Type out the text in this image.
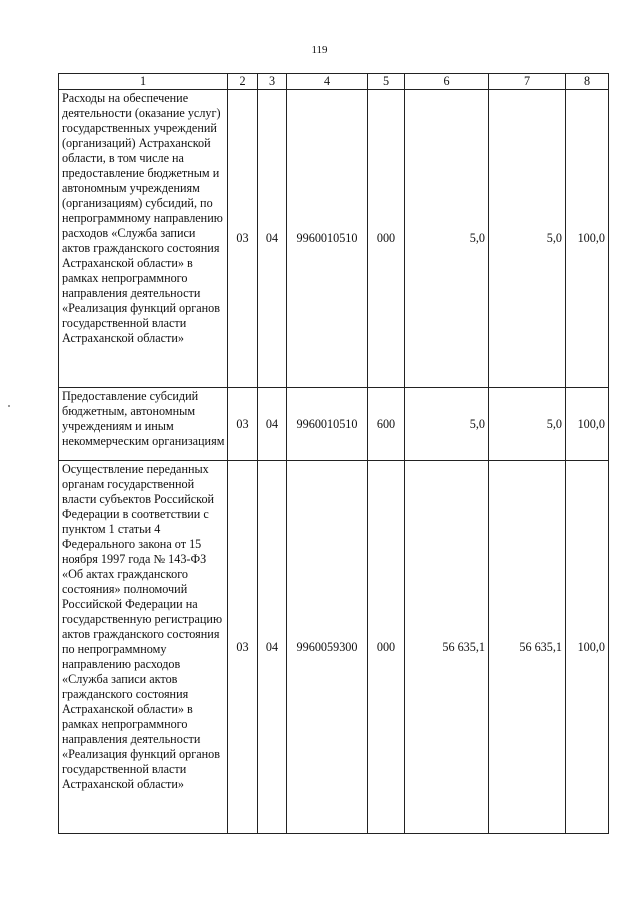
119
1	2	3	4	5	6	7	8
Расходы на обеспечение деятельности (оказание услуг) государственных учреждений (организаций) Астраханской области, в том числе на предоставление бюджетным и автономным учреждениям (организациям) субсидий, по непрограммному направлению расходов «Служба записи актов гражданского состояния Астраханской области» в рамках непрограммного направления деятельности «Реализация функций органов государственной власти Астраханской области»	03	04	9960010510	000	5,0	5,0	100,0
Предоставление субсидий бюджетным, автономным учреждениям и иным некоммерческим организациям	03	04	9960010510	600	5,0	5,0	100,0
Осуществление переданных органам государственной власти субъектов Российской Федерации в соответствии с пунктом 1 статьи 4 Федерального закона от 15 ноября 1997 года № 143-ФЗ «Об актах гражданского состояния» полномочий Российской Федерации на государственную регистрацию актов гражданского состояния по непрограммному направлению расходов «Служба записи актов гражданского состояния Астраханской области» в рамках непрограммного направления деятельности «Реализация функций органов государственной власти Астраханской области»	03	04	9960059300	000	56 635,1	56 635,1	100,0
